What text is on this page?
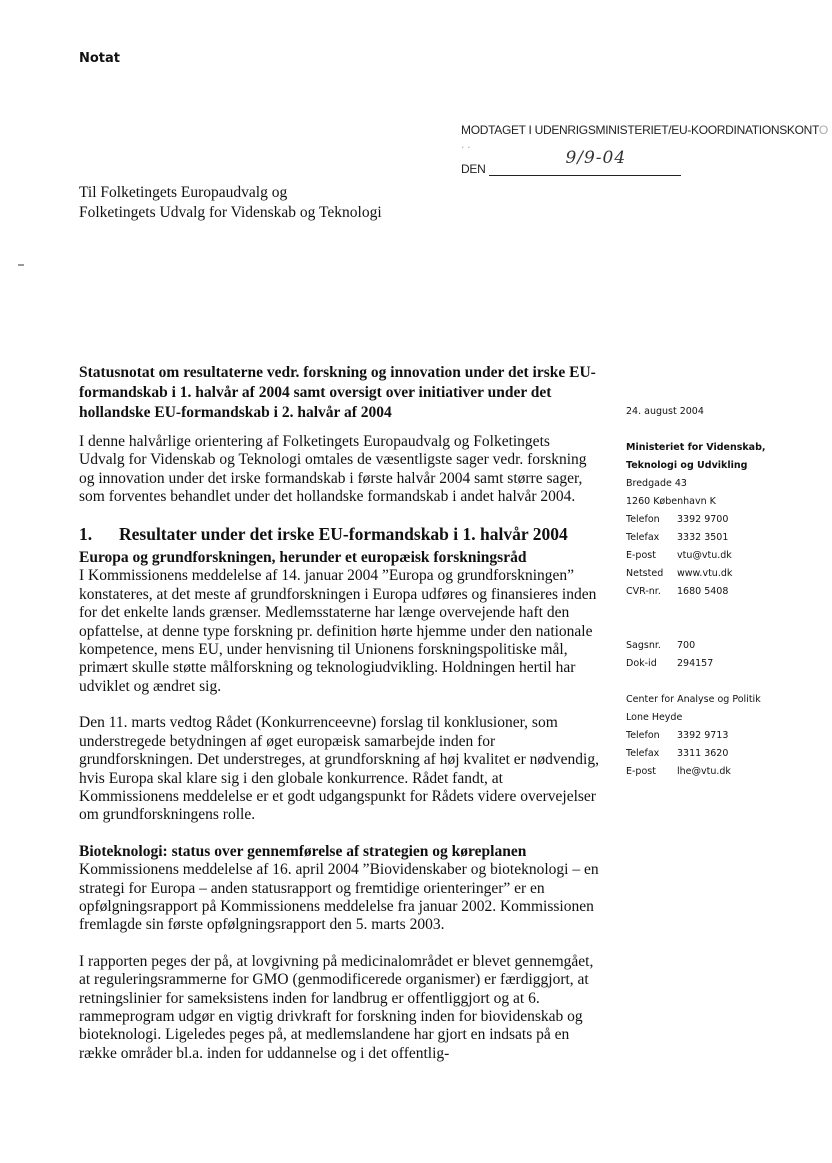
Notat
MODTAGET I UDENRIGSMINISTERIET/EU-KOORDINATIONSKONTO . .
DEN
9/9-04
Til Folketingets Europaudvalg og
Folketingets Udvalg for Videnskab og Teknologi
Statusnotat om resultaterne vedr. forskning og innovation under det irske EU-formandskab i 1. halvår af 2004 samt oversigt over initiativer under det hollandske EU-formandskab i 2. halvår af 2004

I denne halvårlige orientering af Folketingets Europaudvalg og Folketingets Udvalg for Videnskab og Teknologi omtales de væsentligste sager vedr. forskning og innovation under det irske formandskab i første halvår 2004 samt større sager, som forventes behandlet under det hollandske formandskab i andet halvår 2004.

1.	Resultater under det irske EU-formandskab i 1. halvår 2004
Europa og grundforskningen, herunder et europæisk forskningsråd

I Kommissionens meddelelse af 14. januar 2004 ”Europa og grundforskningen” konstateres, at det meste af grundforskningen i Europa udføres og finansieres inden for det enkelte lands grænser. Medlemsstaterne har længe overvejende haft den opfattelse, at denne type forskning pr. definition hørte hjemme under den nationale kompetence, mens EU, under henvisning til Unionens forskningspolitiske mål, primært skulle støtte målforskning og teknologiudvikling. Holdningen hertil har udviklet og ændret sig.

Den 11. marts vedtog Rådet (Konkurrenceevne) forslag til konklusioner, som understregede betydningen af øget europæisk samarbejde inden for grundforskningen. Det understreges, at grundforskning af høj kvalitet er nødvendig, hvis Europa skal klare sig i den globale konkurrence. Rådet fandt, at Kommissionens meddelelse er et godt udgangspunkt for Rådets videre overvejelser om grundforskningens rolle.

Bioteknologi: status over gennemførelse af strategien og køreplanen

Kommissionens meddelelse af 16. april 2004 ”Biovidenskaber og bioteknologi – en strategi for Europa – anden statusrapport og fremtidige orienteringer” er en opfølgningsrapport på Kommissionens meddelelse fra januar 2002. Kommissionen fremlagde sin første opfølgningsrapport den 5. marts 2003.

I rapporten peges der på, at lovgivning på medicinalområdet er blevet gennemgået, at reguleringsrammerne for GMO (genmodificerede organismer) er færdiggjort, at retningslinier for sameksistens inden for landbrug er offentliggjort og at 6. rammeprogram udgør en vigtig drivkraft for forskning inden for biovidenskab og bioteknologi. Ligeledes peges på, at medlemslandene har gjort en indsats på en række områder bl.a. inden for uddannelse og i det offentlig-

24. august 2004
Ministeriet for Videnskab,
Teknologi og Udvikling
Bredgade 43
1260 København K
Telefon	3392 9700
Telefax	3332 3501
E-post	vtu@vtu.dk
Netsted	www.vtu.dk
CVR-nr.	1680 5408
Sagsnr.	700
Dok-id	294157
Center for Analyse og Politik
Lone Heyde
Telefon	3392 9713
Telefax	3311 3620
E-post	lhe@vtu.dk
